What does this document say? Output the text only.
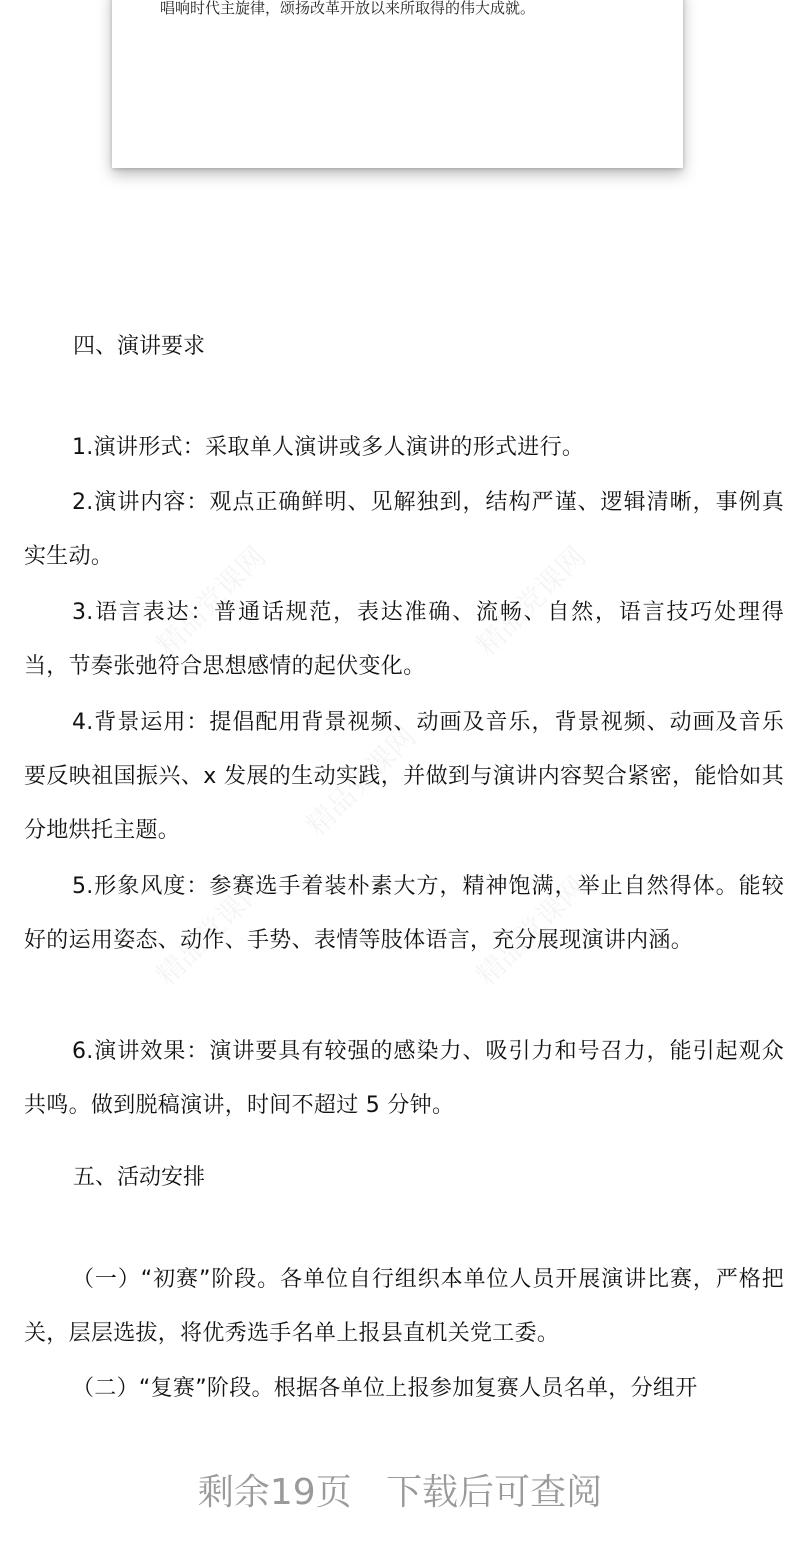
唱响时代主旋律，颂扬改革开放以来所取得的伟大成就。
四、演讲要求

1.演讲形式：采取单人演讲或多人演讲的形式进行。

2.演讲内容：观点正确鲜明、见解独到，结构严谨、逻辑清晰，事例真实生动。

3.语言表达：普通话规范，表达准确、流畅、自然，语言技巧处理得当，节奏张弛符合思想感情的起伏变化。

4.背景运用：提倡配用背景视频、动画及音乐，背景视频、动画及音乐要反映祖国振兴、x 发展的生动实践，并做到与演讲内容契合紧密，能恰如其分地烘托主题。

5.形象风度：参赛选手着装朴素大方，精神饱满，举止自然得体。能较好的运用姿态、动作、手势、表情等肢体语言，充分展现演讲内涵。

6.演讲效果：演讲要具有较强的感染力、吸引力和号召力，能引起观众共鸣。做到脱稿演讲，时间不超过 5 分钟。

五、活动安排

（一）“初赛”阶段。各单位自行组织本单位人员开展演讲比赛，严格把关，层层选拔，将优秀选手名单上报县直机关党工委。

（二）“复赛”阶段。根据各单位上报参加复赛人员名单，分组开

剩余19页 下载后可查阅
